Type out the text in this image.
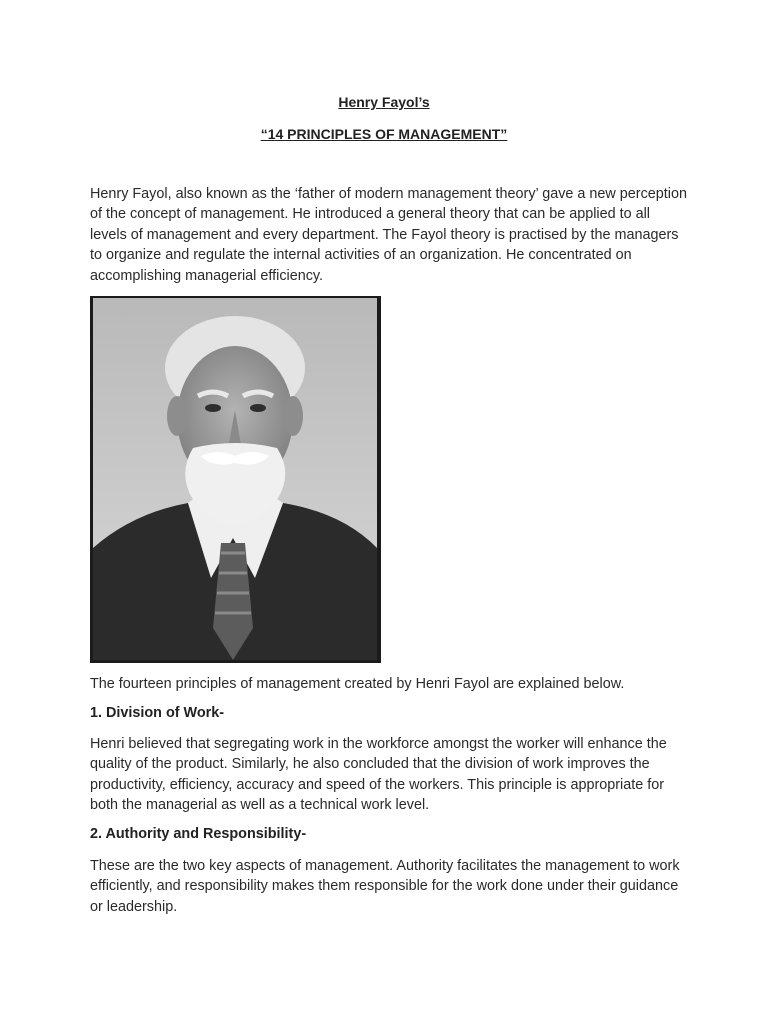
Henry Fayol’s

“14 PRINCIPLES OF MANAGEMENT”

Henry Fayol, also known as the ‘father of modern management theory’ gave a new perception of the concept of management. He introduced a general theory that can be applied to all levels of management and every department. The Fayol theory is practised by the managers to organize and regulate the internal activities of an organization. He concentrated on accomplishing managerial efficiency.

The fourteen principles of management created by Henri Fayol are explained below.

1. Division of Work-

Henri believed that segregating work in the workforce amongst the worker will enhance the quality of the product. Similarly, he also concluded that the division of work improves the productivity, efficiency, accuracy and speed of the workers. This principle is appropriate for both the managerial as well as a technical work level.

2. Authority and Responsibility-

These are the two key aspects of management. Authority facilitates the management to work efficiently, and responsibility makes them responsible for the work done under their guidance or leadership.
